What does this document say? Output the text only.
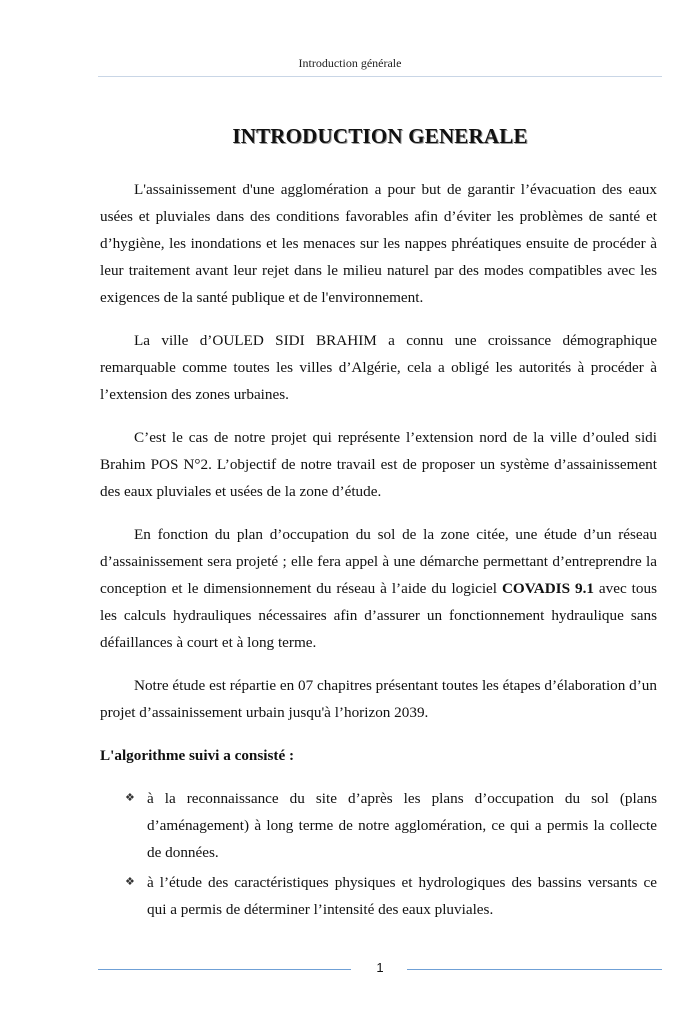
Introduction générale
INTRODUCTION GENERALE

L'assainissement d'une agglomération a pour but de garantir l’évacuation des eaux usées et pluviales dans des conditions favorables afin d’éviter les problèmes de santé et d’hygiène, les inondations et les menaces sur les nappes phréatiques ensuite de procéder à leur traitement avant leur rejet dans le milieu naturel par des modes compatibles avec les exigences de la santé publique et de l'environnement.

La ville d’OULED SIDI BRAHIM a connu une croissance démographique remarquable comme toutes les villes d’Algérie, cela a obligé les autorités à procéder à l’extension des zones urbaines.

C’est le cas de notre projet qui représente l’extension nord de la ville d’ouled sidi Brahim POS N°2. L’objectif de notre travail est de proposer un système d’assainissement des eaux pluviales et usées de la zone d’étude.

En fonction du plan d’occupation du sol de la zone citée, une étude d’un réseau d’assainissement sera projeté ; elle fera appel à une démarche permettant d’entreprendre la conception et le dimensionnement du réseau à l’aide du logiciel COVADIS 9.1 avec tous les calculs hydrauliques nécessaires afin d’assurer un fonctionnement hydraulique sans défaillances à court et à long terme.

Notre étude est répartie en 07 chapitres présentant toutes les étapes d’élaboration d’un projet d’assainissement urbain jusqu'à l’horizon 2039.

L'algorithme suivi a consisté :

❖ à la reconnaissance du site d’après les plans d’occupation du sol (plans d’aménagement) à long terme de notre agglomération, ce qui a permis la collecte de données.
❖ à l’étude des caractéristiques physiques et hydrologiques des bassins versants ce qui a permis de déterminer l’intensité des eaux pluviales.
1
